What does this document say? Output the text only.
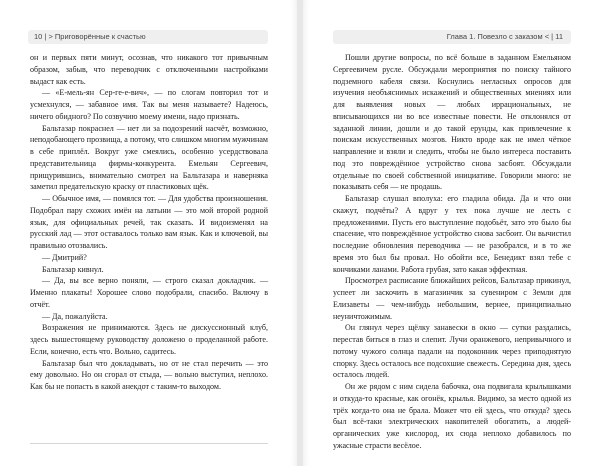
10 | > Приговорённые к счастью

он и первых пяти минут, осознав, что никакого тот привычным образом, забыв, что переводчик с отключенными настройками выдаст как есть.

— «Е-мель-ян Сер-ге-е-вич», — по слогам повторил тот и усмехнулся, — забавное имя. Так вы меня называете? Надеюсь, ничего обидного? По созвучию моему имени, надо признать.

Бальтазар покраснел — нет ли за подозрений насчёт, возможно, неподобающего прозвища, а потому, что слишком многим мужчинам в себе приплёл. Вокруг уже смеялись, особенно усердствовала представительница фирмы-конкурента. Емельян Сергеевич, прищурившись, внимательно смотрел на Бальтазара и наверняка заметил предательскую краску от пластиковых щёк.

— Обычное имя, — помялся тот. — Для удобства произношения. Подобрал пару схожих имён на латыни — это мой второй родной язык, для официальных речей, так сказать. И видоизменял на русский лад — этот оставалось только вам язык. Как и ключевой, вы правильно отозвались.

— Дмитрий?

Бальтазар кивнул.

— Да, вы все верно поняли, — строго сказал докладчик. — Именно плакаты! Хорошее слово подобрали, спасибо. Включу в отчёт.

— Да, пожалуйста.

Возражения не принимаются. Здесь не дискуссионный клуб, здесь вышестоящему руководству доложено о проделанной работе. Если, конечно, есть что. Вольно, садитесь.

Бальтазар был что докладывать, но от не стал перечить — это ему довольно. Но он сгорал от стыда, — вольно выступил, неплохо. Как бы не попасть в какой анекдот с таким-то выходом.

Глава 1. Повезло с заказом < | 11

Пошли другие вопросы, по всё больше в заданном Емельяном Сергеевичем русле. Обсуждали мероприятия по поиску тайного подземного кабеля связи. Коснулись негласных опросов для изучения необъяснимых искажений и общественных мнениях или для выявления новых — любых иррациональных, не вписывающихся ни во все известные повести. Не отклонялся от заданной линии, дошли и до такой ерунды, как привлечение к поискам искусственных мозгов. Никто вроде как не имел чёткое направление и взяли и следить, чтобы не было интереса поставить под это повреждённое устройство снова засбоят. Обсуждали отдельные по своей собственной инициативе. Говорили много: не показывать себя — не продашь.

Бальтазар слушал вполуха: его гладила обида. Да и что они скажут, подчёты? А вдруг у тех пока лучше не лесть с предложениями. Пусть его выступление подобьёт, зато это было бы спасение, что повреждённое устройство снова засбоит. Он вычистил последние обновления переводчика — не разобрался, и в то же время это был бы провал. Но обойти все, Бенедикт взял тебе с кончиками ланами. Работа грубая, зато какая эффектная.

Просмотрел расписание ближайших рейсов, Бальтазар прикинул, успеет ли заскочить в магазинчик за сувениром с Земли для Елизаветы — чем-нибудь небольшим, вернее, принципиально неуничтожимым.

Он глянул через щёлку занавески в окно — сутки раздались, перестав биться в глаз и слепит. Лучи оранжевого, непривычного и потому чужого солнца падали на подоконник через приподнятую спорку. Здесь осталось все подсохшие свежесть. Середина дня, здесь осталось людей.

Он же рядом с ним сидела бабочка, она подвигала крылышками и откуда-то красные, как огонёк, крылья. Видимо, за место одной из трёх когда-то она не брала. Может что ей здесь, что откуда? здесь был всё-таки электрических накопителей обогатить, а людей-органических уже кислород, их сюда неплохо добавилось по ужасные страсти весёлое.
